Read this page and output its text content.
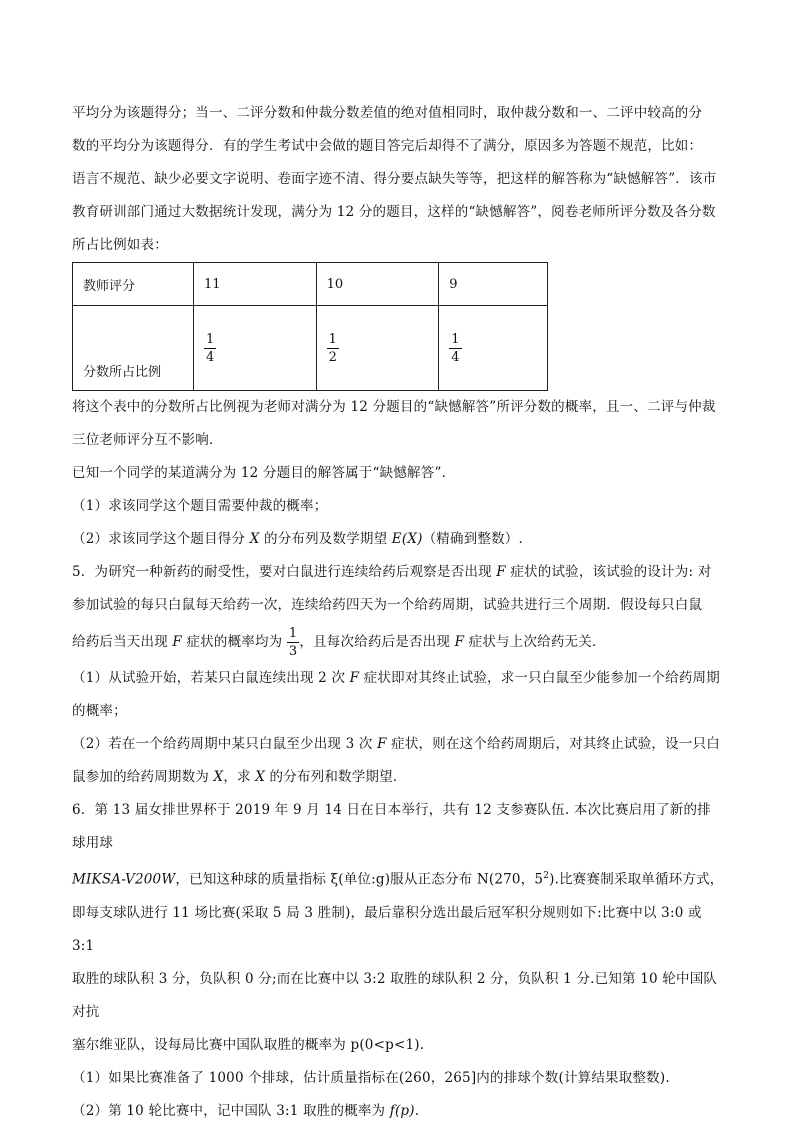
平均分为该题得分；当一、二评分数和仲裁分数差值的绝对值相同时，取仲裁分数和一、二评中较高的分

数的平均分为该题得分．有的学生考试中会做的题目答完后却得不了满分，原因多为答题不规范，比如：

语言不规范、缺少必要文字说明、卷面字迹不清、得分要点缺失等等，把这样的解答称为“缺憾解答”．该市

教育研训部门通过大数据统计发现，满分为 12 分的题目，这样的“缺憾解答”，阅卷老师所评分数及各分数

所占比例如表：

教师评分	11	10	9
分数所占比例	$\frac{1}{4}$	$\frac{1}{2}$	$\frac{1}{4}$

将这个表中的分数所占比例视为老师对满分为 12 分题目的“缺憾解答”所评分数的概率，且一、二评与仲裁

三位老师评分互不影响．

已知一个同学的某道满分为 12 分题目的解答属于“缺憾解答”．

（1）求该同学这个题目需要仲裁的概率；

（2）求该同学这个题目得分 X 的分布列及数学期望 E(X)（精确到整数）.

5．为研究一种新药的耐受性，要对白鼠进行连续给药后观察是否出现 F 症状的试验，该试验的设计为: 对

参加试验的每只白鼠每天给药一次，连续给药四天为一个给药周期，试验共进行三个周期．假设每只白鼠

给药后当天出现 F 症状的概率均为 $\frac{1}{3}$ ，且每次给药后是否出现 F 症状与上次给药无关．

（1）从试验开始，若某只白鼠连续出现 2 次 F 症状即对其终止试验，求一只白鼠至少能参加一个给药周期

的概率；

（2）若在一个给药周期中某只白鼠至少出现 3 次 F 症状，则在这个给药周期后，对其终止试验，设一只白

鼠参加的给药周期数为 X，求 X 的分布列和数学期望．

6．第 13 届女排世界杯于 2019 年 9 月 14 日在日本举行，共有 12 支参赛队伍. 本次比赛启用了新的排球用球

MIKSA-V200W，已知这种球的质量指标 ξ(单位:g)服从正态分布 N(270，$5^2$).比赛赛制采取单循环方式，

即每支球队进行 11 场比赛(采取 5 局 3 胜制)，最后靠积分选出最后冠军积分规则如下:比赛中以 3:0 或 3:1

取胜的球队积 3 分，负队积 0 分;而在比赛中以 3:2 取胜的球队积 2 分，负队积 1 分.已知第 10 轮中国队对抗

塞尔维亚队，设每局比赛中国队取胜的概率为 p(0<p<1).

（1）如果比赛准备了 1000 个排球，估计质量指标在(260，265]内的排球个数(计算结果取整数).

（2）第 10 轮比赛中，记中国队 3:1 取胜的概率为 f(p).
